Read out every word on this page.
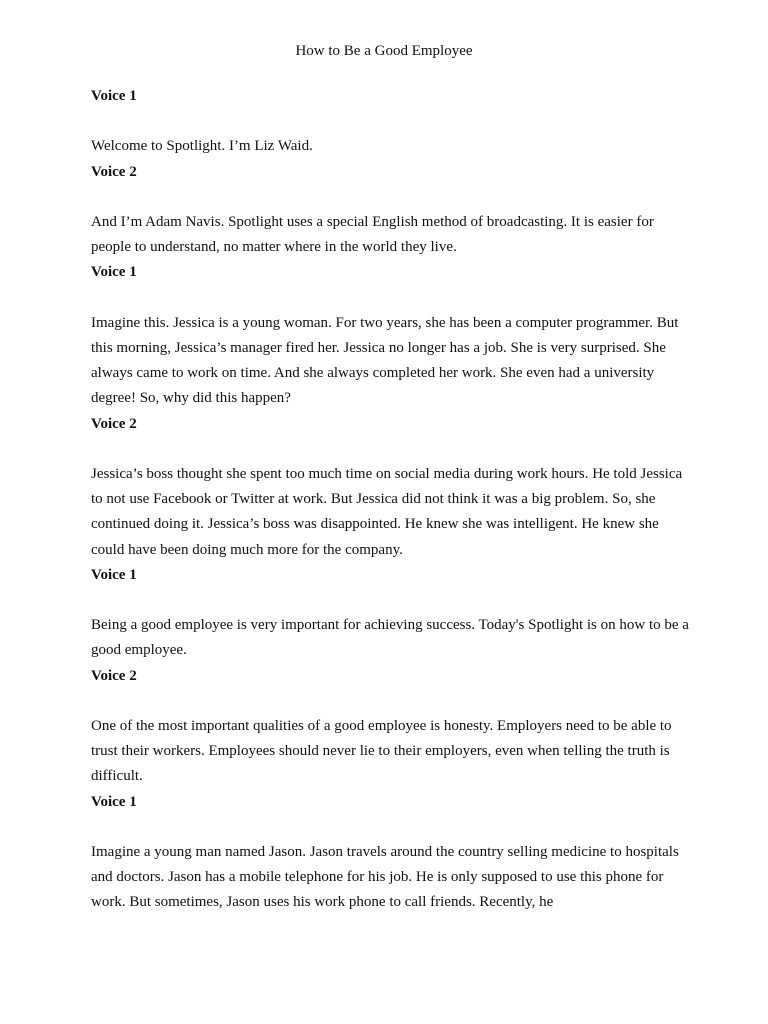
How to Be a Good Employee

Voice 1

Welcome to Spotlight. I’m Liz Waid.

Voice 2

And I’m Adam Navis. Spotlight uses a special English method of broadcasting. It is easier for people to understand, no matter where in the world they live.

Voice 1

Imagine this. Jessica is a young woman. For two years, she has been a computer programmer. But this morning, Jessica’s manager fired her. Jessica no longer has a job. She is very surprised. She always came to work on time. And she always completed her work. She even had a university degree! So, why did this happen?

Voice 2

Jessica’s boss thought she spent too much time on social media during work hours. He told Jessica to not use Facebook or Twitter at work. But Jessica did not think it was a big problem. So, she continued doing it. Jessica’s boss was disappointed. He knew she was intelligent. He knew she could have been doing much more for the company.

Voice 1

Being a good employee is very important for achieving success. Today's Spotlight is on how to be a good employee.

Voice 2

One of the most important qualities of a good employee is honesty. Employers need to be able to trust their workers. Employees should never lie to their employers, even when telling the truth is difficult.

Voice 1

Imagine a young man named Jason. Jason travels around the country selling medicine to hospitals and doctors. Jason has a mobile telephone for his job. He is only supposed to use this phone for work. But sometimes, Jason uses his work phone to call friends. Recently, he
